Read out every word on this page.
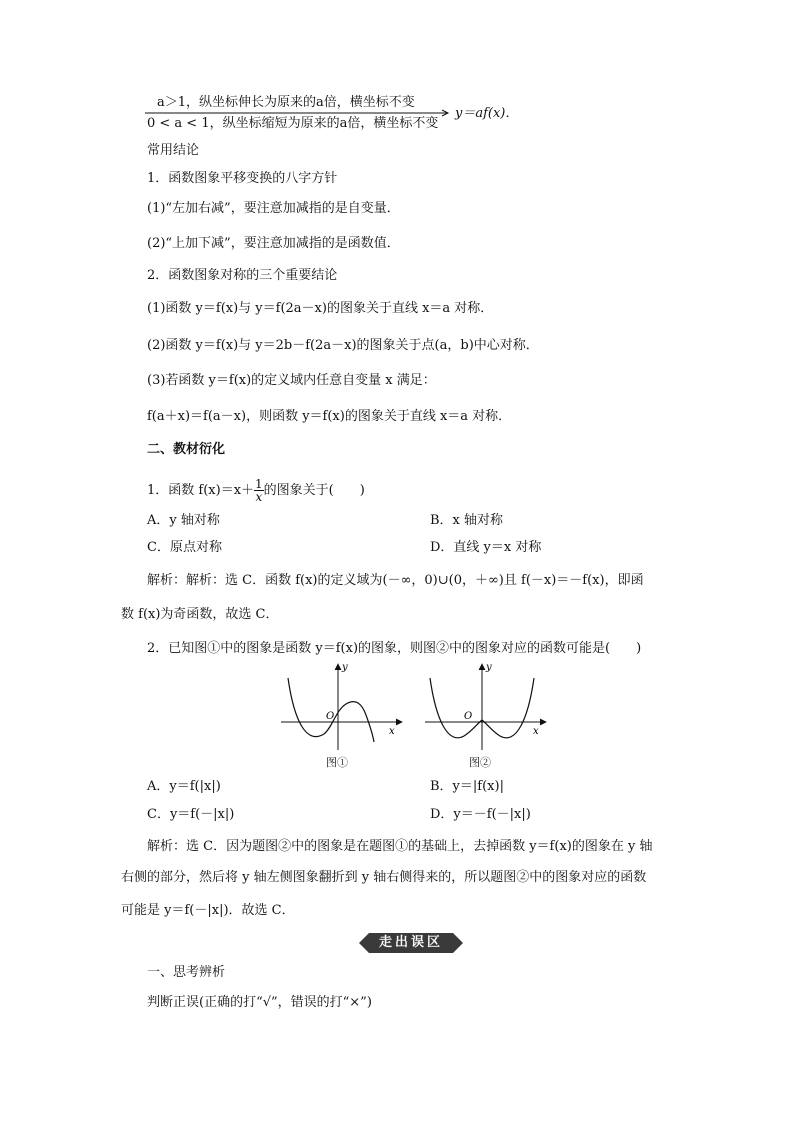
a＞1，纵坐标伸长为原来的a倍，横坐标不变
0 < a < 1，纵坐标缩短为原来的a倍，横坐标不变
y＝af(x)．
常用结论
1．函数图象平移变换的八字方针
(1)“左加右减”，要注意加减指的是自变量．
(2)“上加下减”，要注意加减指的是函数值．
2．函数图象对称的三个重要结论
(1)函数 y＝f(x)与 y＝f(2a－x)的图象关于直线 x＝a 对称．
(2)函数 y＝f(x)与 y＝2b－f(2a－x)的图象关于点(a，b)中心对称．
(3)若函数 y＝f(x)的定义域内任意自变量 x 满足：
f(a＋x)＝f(a－x)，则函数 y＝f(x)的图象关于直线 x＝a 对称．
二、教材衍化
1．函数 $f(x)=x+ \frac{1}{x}$ 的图象关于(　　)
A．y 轴对称	B．x 轴对称
C．原点对称	D．直线 y＝x 对称
解析：解析：选 C．函数 f(x)的定义域为(－∞，0)∪(0，＋∞)且 f(－x)＝－f(x)，即函
数 f(x)为奇函数，故选 C．
2．已知图①中的图象是函数 y＝f(x)的图象，则图②中的图象对应的函数可能是(　　)
y
x
O
图①
y
x
O
图②
A．y＝f(|x|)	B．y＝|f(x)|
C．y＝f(－|x|)	D．y＝－f(－|x|)
解析：选 C．因为题图②中的图象是在题图①的基础上，去掉函数 y＝f(x)的图象在 y 轴
右侧的部分，然后将 y 轴左侧图象翻折到 y 轴右侧得来的，所以题图②中的图象对应的函数
可能是 y＝f(－|x|)．故选 C．
走出误区
一、思考辨析
判断正误(正确的打“√”，错误的打“×”)
